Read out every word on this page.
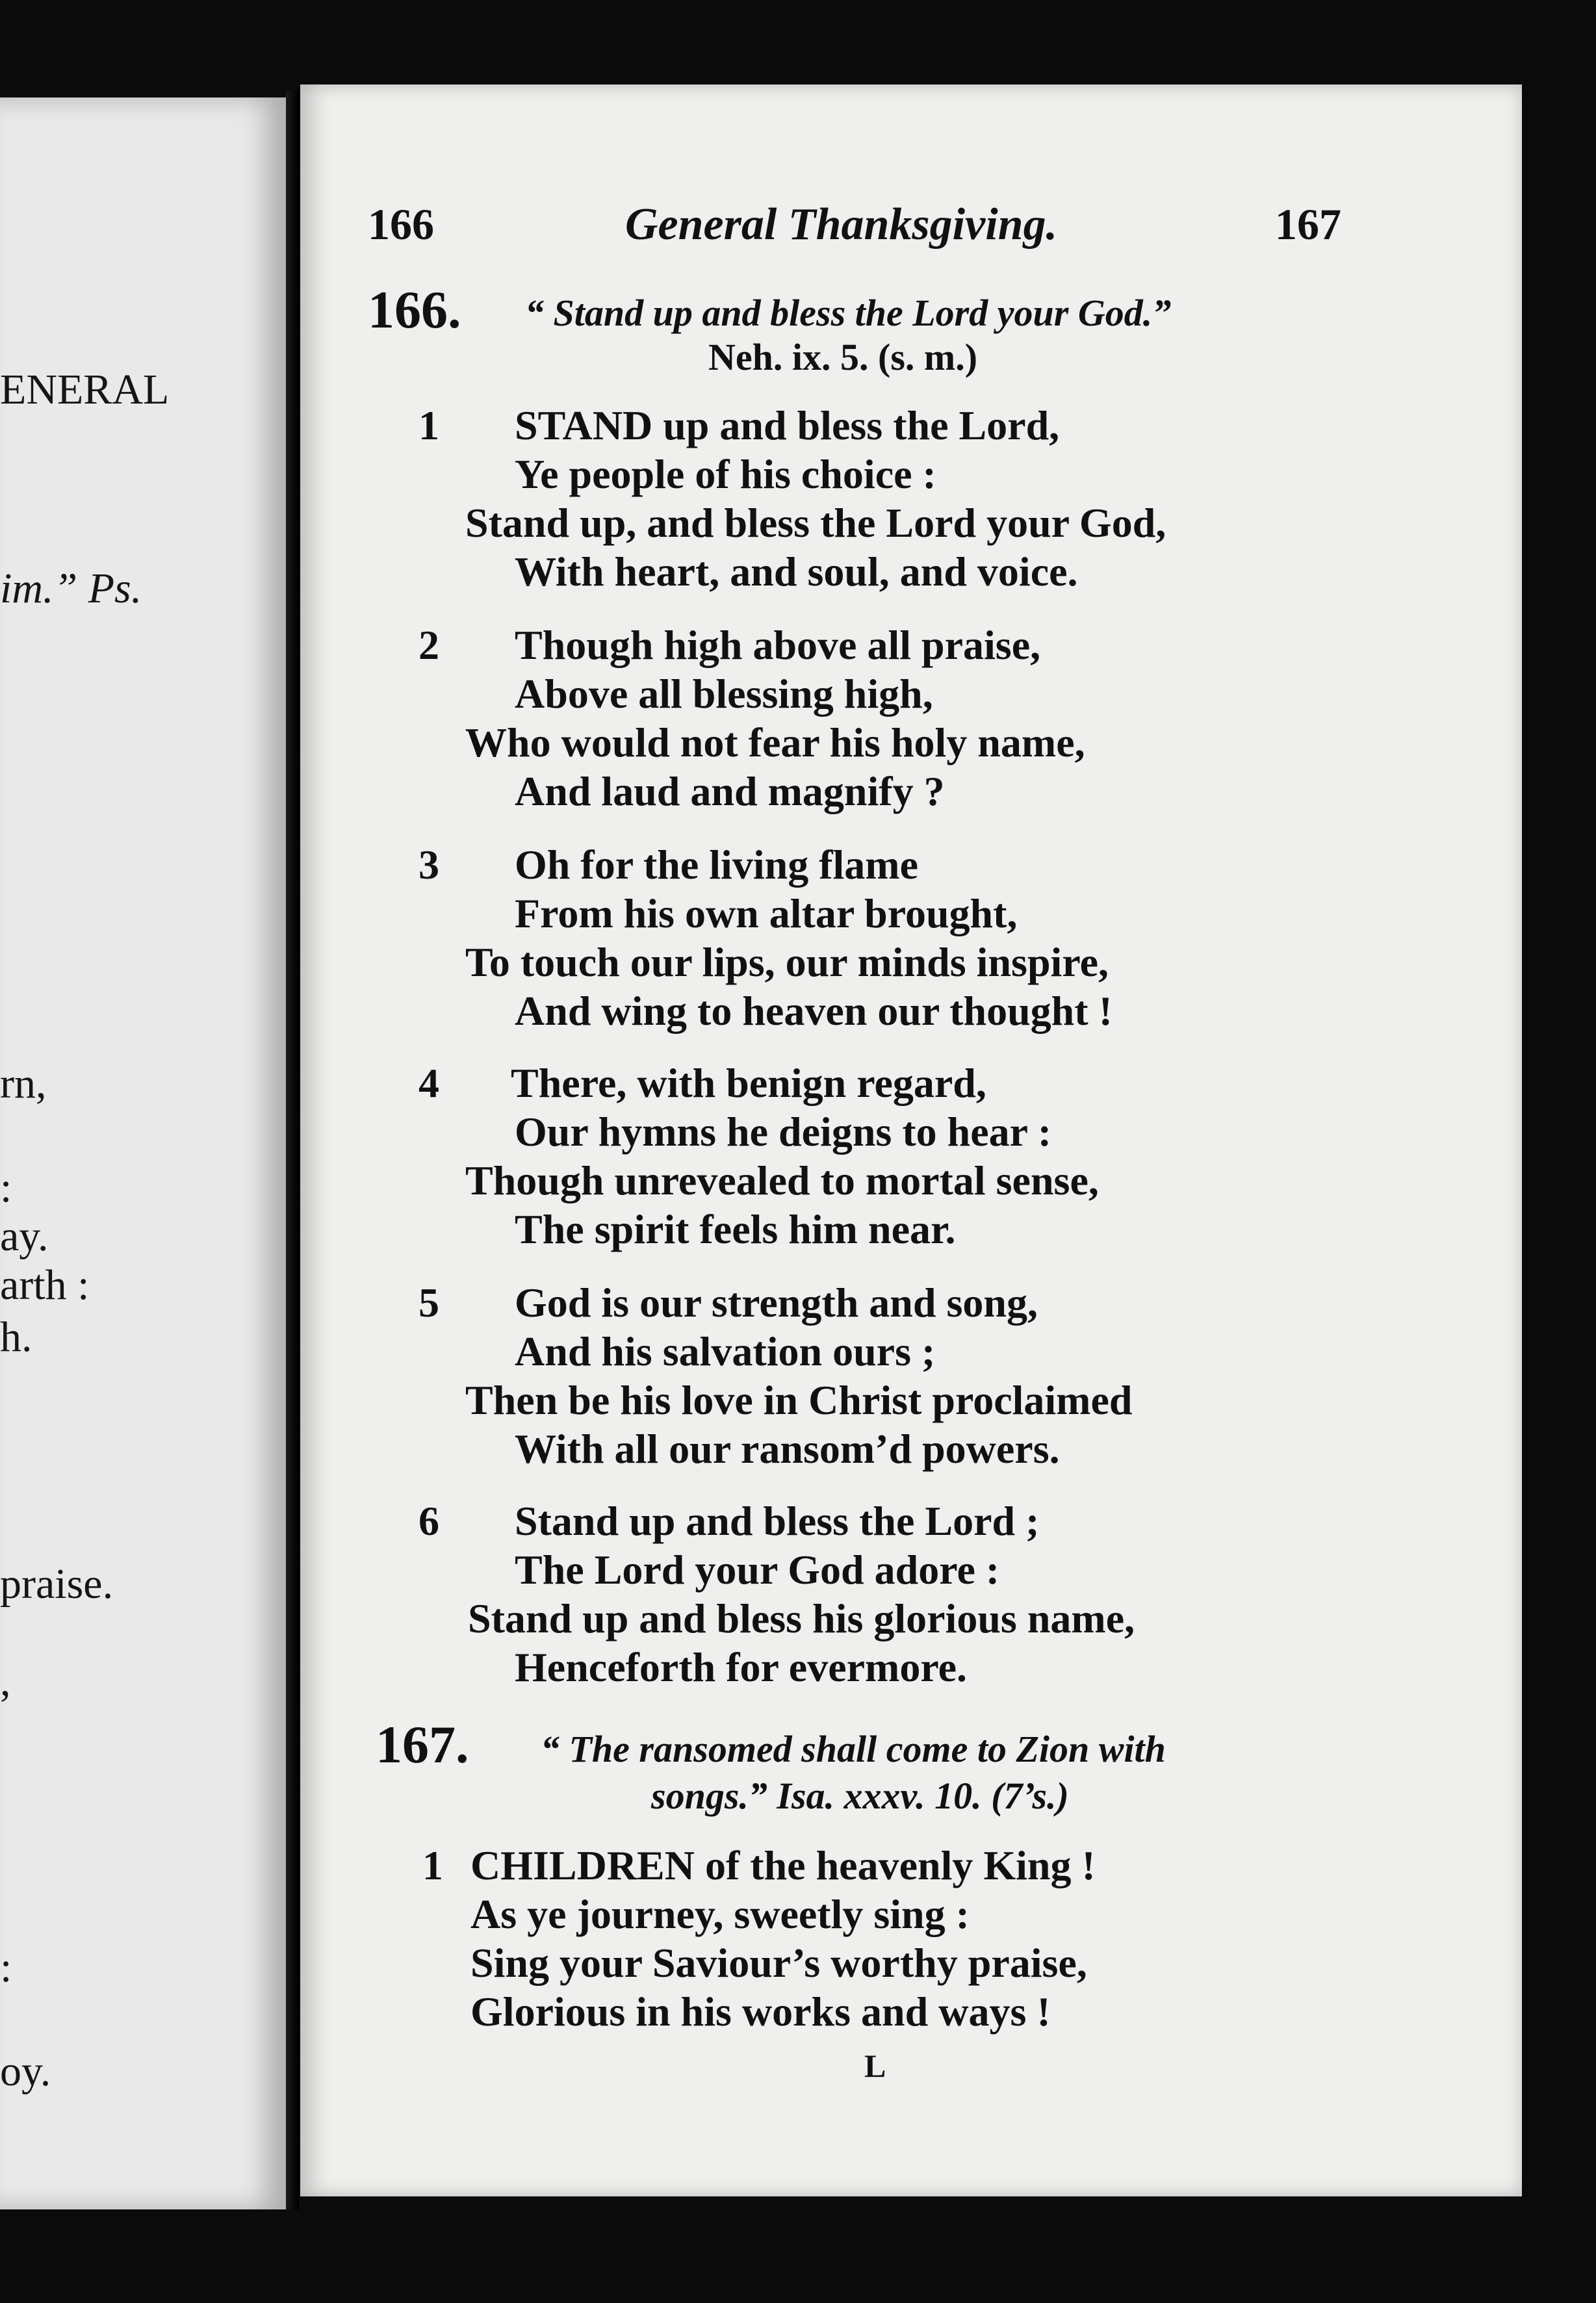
ENERAL
im.” Ps.
rn,
:
ay.
arth :
h.
praise.
,
:
oy.
166	General Thanksgiving.	167
166. “ Stand up and bless the Lord your God.”
Neh. ix. 5. (s. m.)
1 STAND up and bless the Lord,
Ye people of his choice :
Stand up, and bless the Lord your God,
With heart, and soul, and voice.
2 Though high above all praise,
Above all blessing high,
Who would not fear his holy name,
And laud and magnify ?
3 Oh for the living flame
From his own altar brought,
To touch our lips, our minds inspire,
And wing to heaven our thought !
4 There, with benign regard,
Our hymns he deigns to hear :
Though unrevealed to mortal sense,
The spirit feels him near.
5 God is our strength and song,
And his salvation ours ;
Then be his love in Christ proclaimed
With all our ransom’d powers.
6 Stand up and bless the Lord ;
The Lord your God adore :
Stand up and bless his glorious name,
Henceforth for evermore.
167. “ The ransomed shall come to Zion with
songs.” Isa. xxxv. 10. (7’s.)
1 CHILDREN of the heavenly King !
As ye journey, sweetly sing :
Sing your Saviour’s worthy praise,
Glorious in his works and ways !
L
